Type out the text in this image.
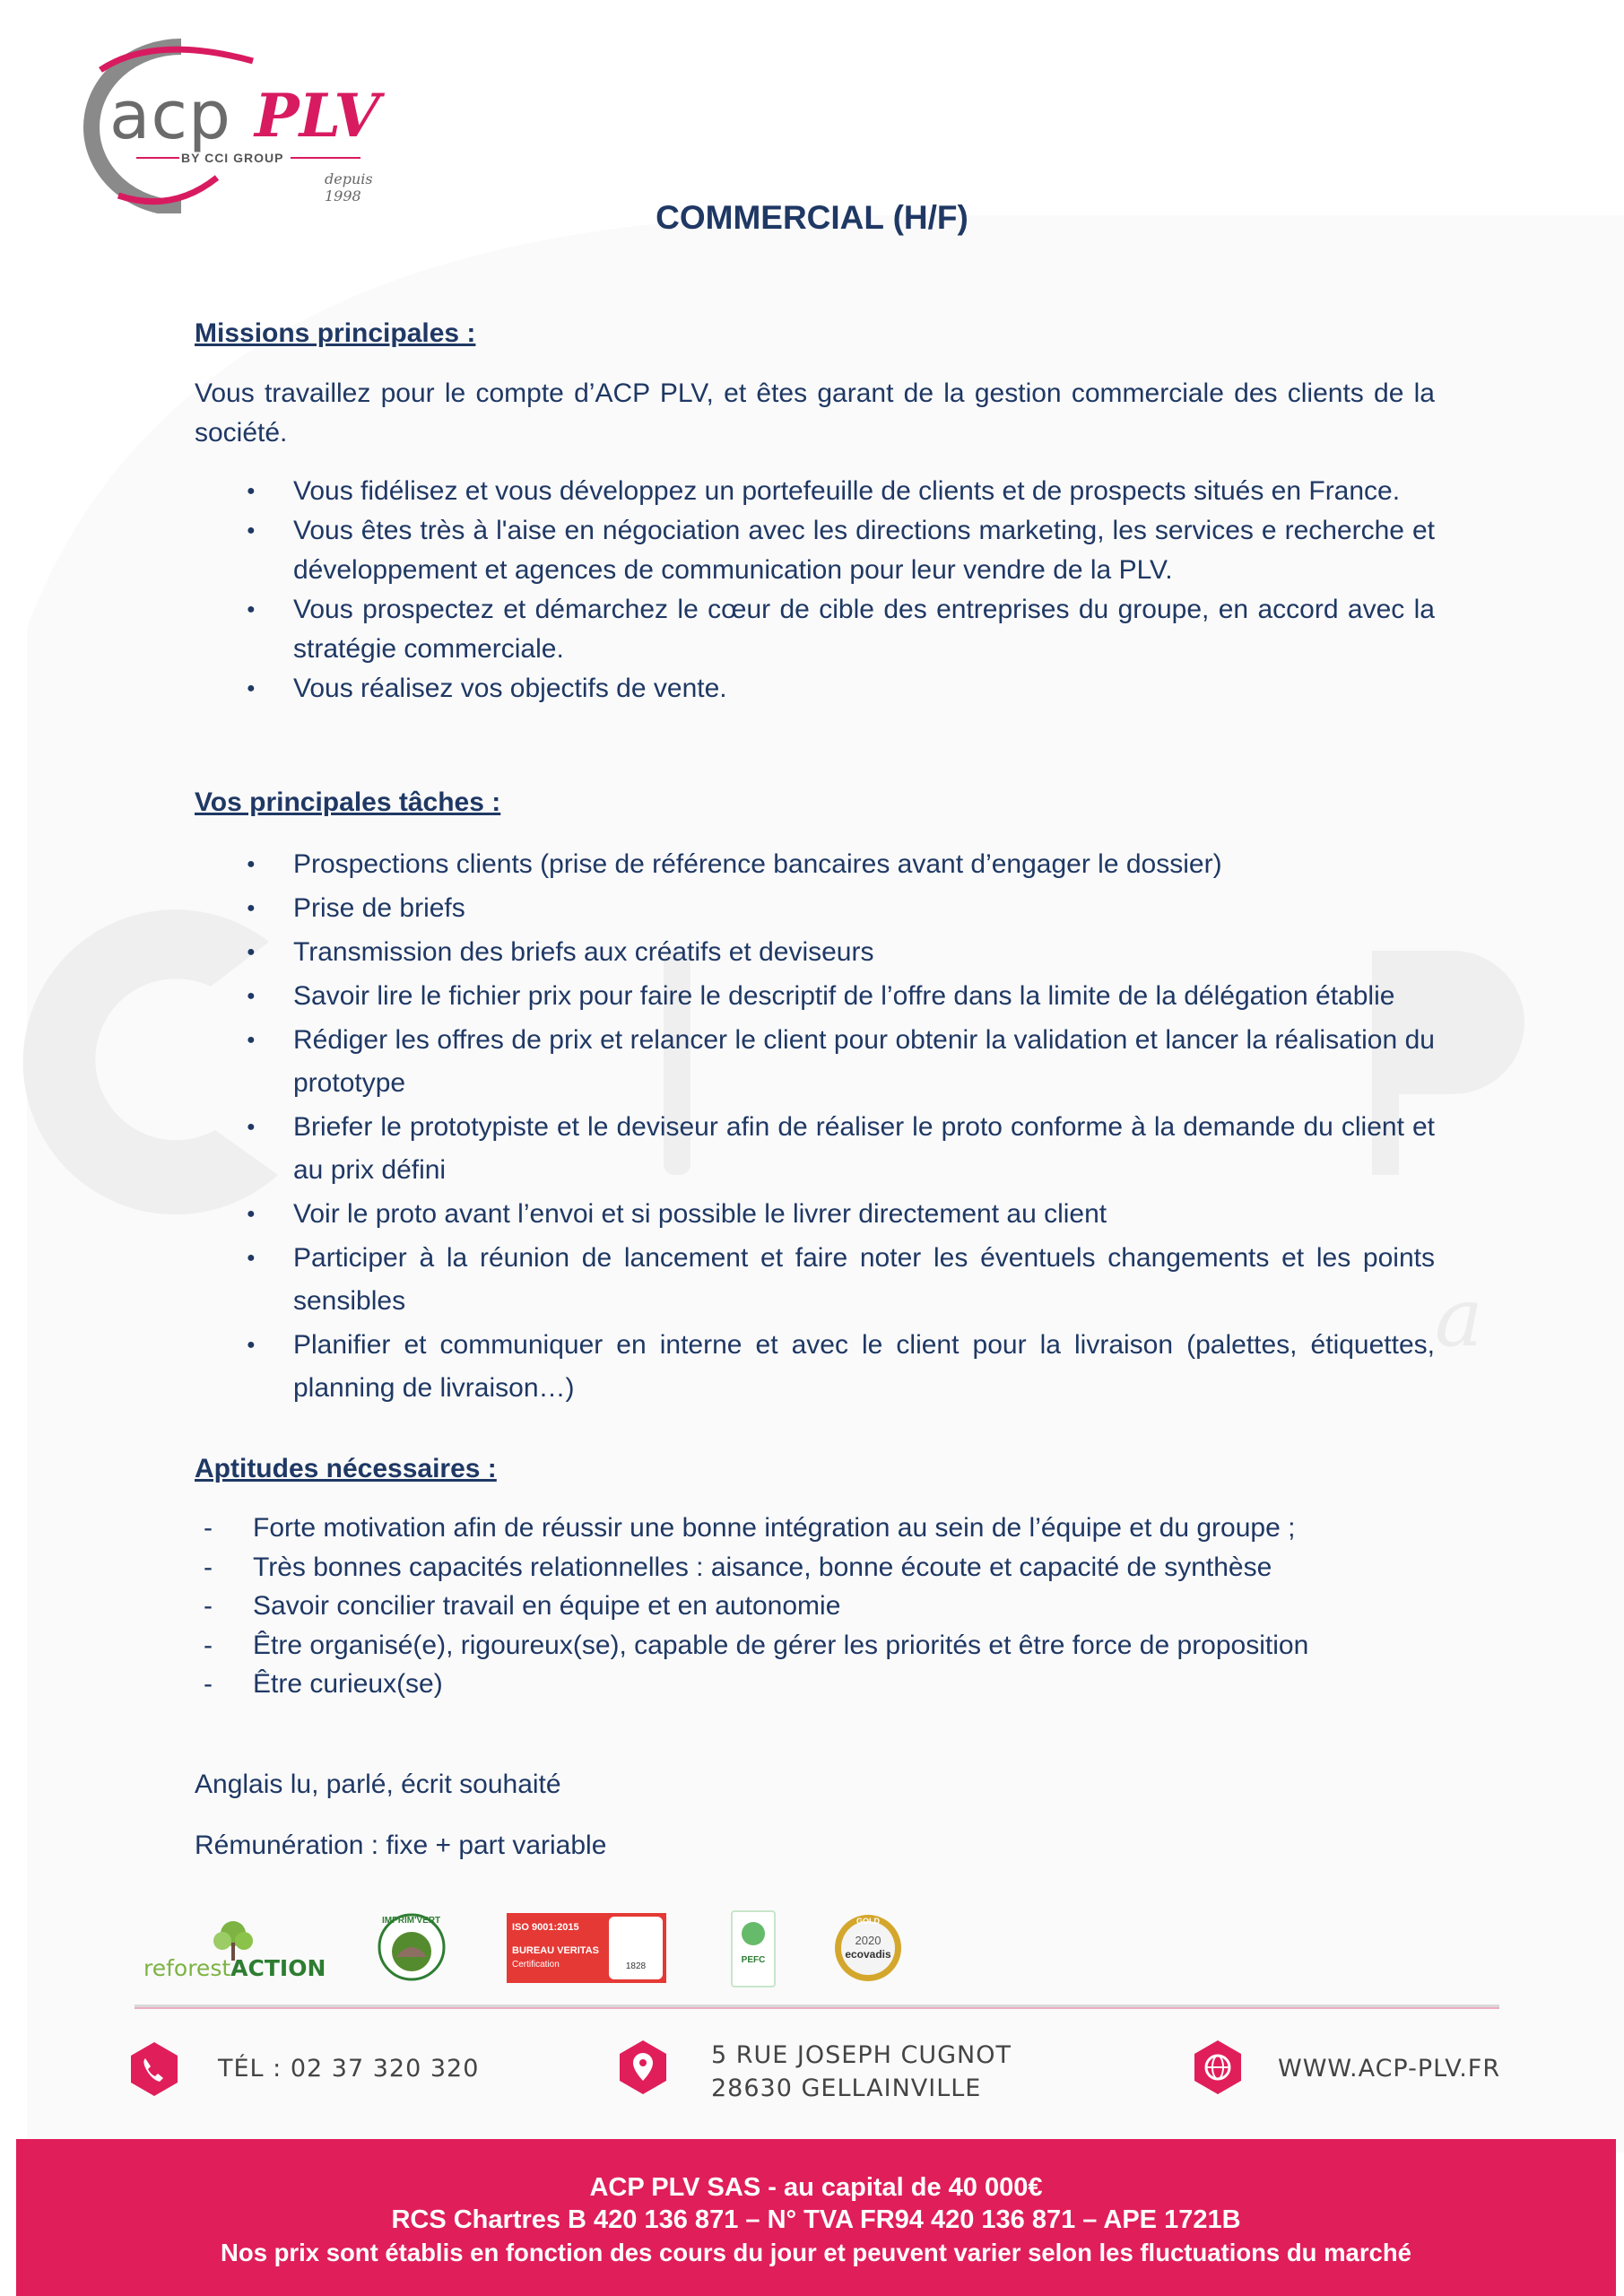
a
acp PLV
BY CCI GROUP
depuis 1998
COMMERCIAL (H/F)
Missions principales :
Vous travaillez pour le compte d’ACP PLV, et êtes garant de la gestion commerciale des clients de la société.
● Vous fidélisez et vous développez un portefeuille de clients et de prospects situés en France.
● Vous êtes très à l'aise en négociation avec les directions marketing, les services e recherche et développement et agences de communication pour leur vendre de la PLV.
● Vous prospectez et démarchez le cœur de cible des entreprises du groupe, en accord avec la stratégie commerciale.
● Vous réalisez vos objectifs de vente.
Vos principales tâches :
● Prospections clients (prise de référence bancaires avant d’engager le dossier)
● Prise de briefs
● Transmission des briefs aux créatifs et deviseurs
● Savoir lire le fichier prix pour faire le descriptif de l’offre dans la limite de la délégation établie
● Rédiger les offres de prix et relancer le client pour obtenir la validation et lancer la réalisation du prototype
● Briefer le prototypiste et le deviseur afin de réaliser le proto conforme à la demande du client et au prix défini
● Voir le proto avant l’envoi et si possible le livrer directement au client
● Participer à la réunion de lancement et faire noter les éventuels changements et les points sensibles
● Planifier et communiquer en interne et avec le client pour la livraison (palettes, étiquettes, planning de livraison…)
Aptitudes nécessaires :
- Forte motivation afin de réussir une bonne intégration au sein de l’équipe et du groupe ;
- Très bonnes capacités relationnelles : aisance, bonne écoute et capacité de synthèse
- Savoir concilier travail en équipe et en autonomie
- Être organisé(e), rigoureux(se), capable de gérer les priorités et être force de proposition
- Être curieux(se)
Anglais lu, parlé, écrit souhaité
Rémunération : fixe + part variable
reforestACTION
IMPRIM'VERT
ISO 9001:2015
BUREAU VERITAS
Certification	1828
PEFC
GOLD
2020
ecovadis
TÉL : 02 37 320 320	5 RUE JOSEPH CUGNOT
28630 GELLAINVILLE
WWW.ACP-PLV.FR
ACP PLV SAS - au capital de 40 000€
RCS Chartres B 420 136 871 – N° TVA FR94 420 136 871 – APE 1721B
Nos prix sont établis en fonction des cours du jour et peuvent varier selon les fluctuations du marché
